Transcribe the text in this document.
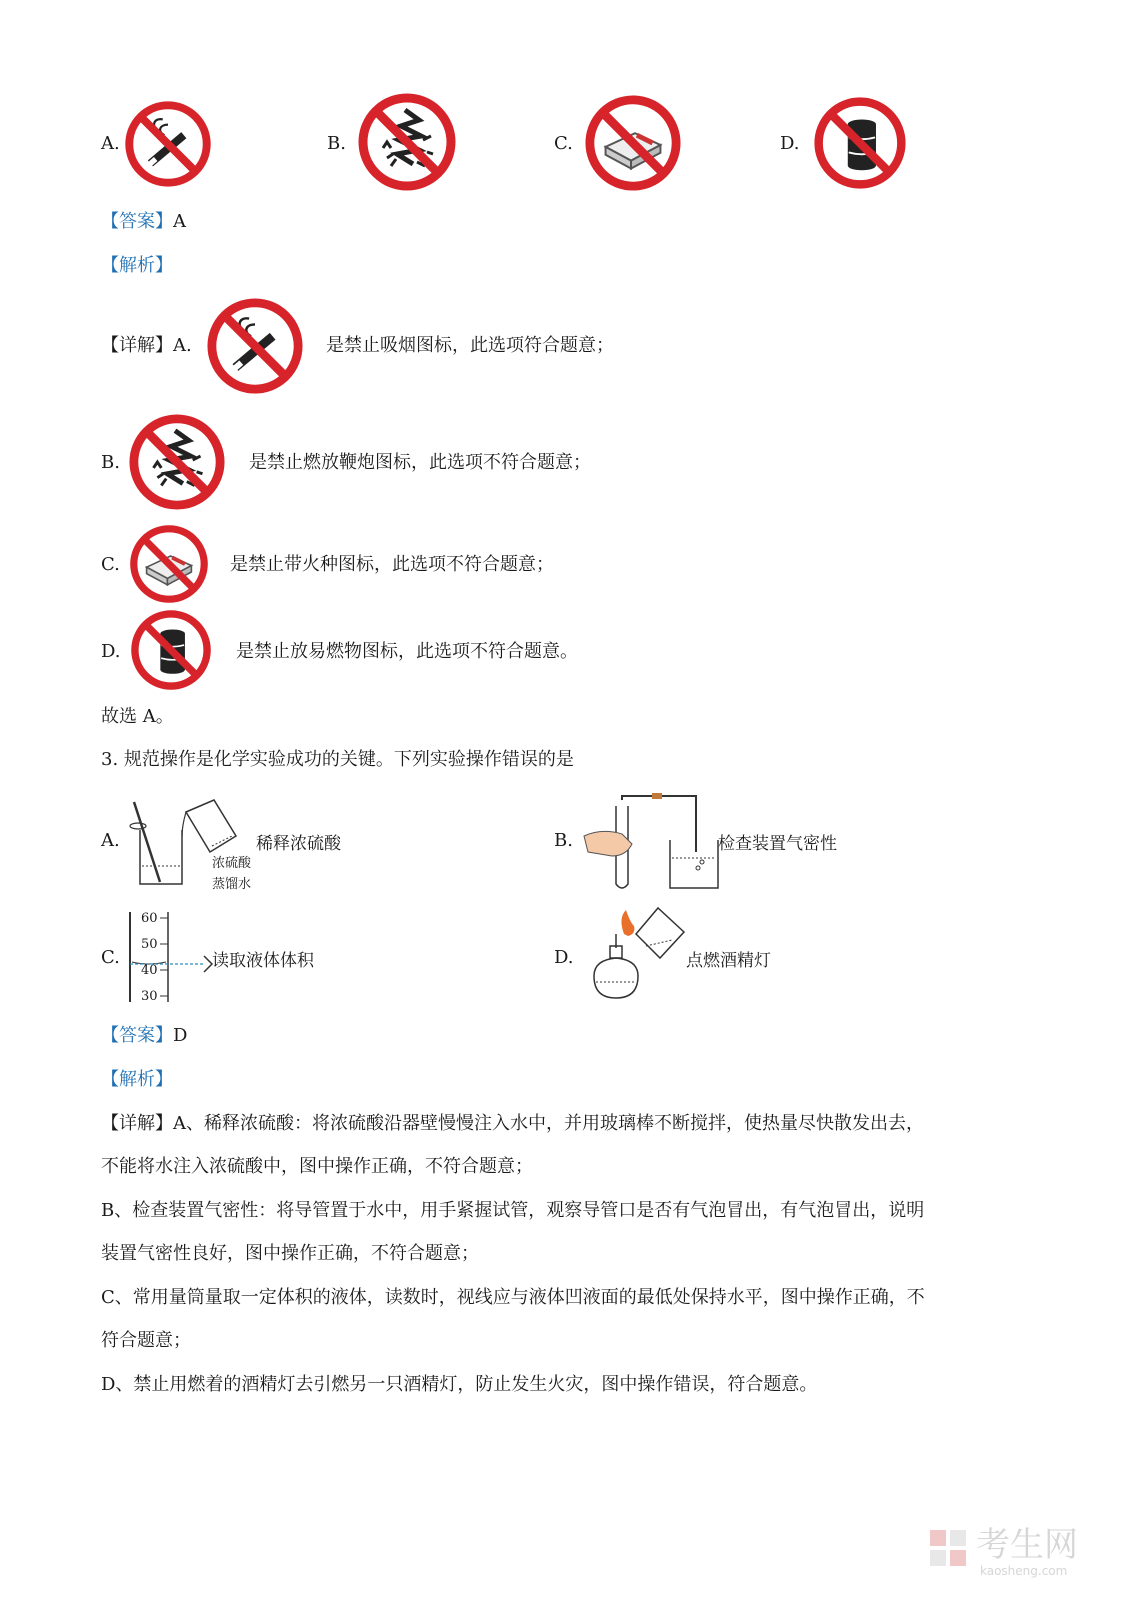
A.	B.	C.	D.
【答案】A
【解析】
【详解】A.	是禁止吸烟图标，此选项符合题意；
B.	是禁止燃放鞭炮图标，此选项不符合题意；
C.	是禁止带火种图标，此选项不符合题意；
D.	是禁止放易燃物图标，此选项不符合题意。
故选 A。
3. 规范操作是化学实验成功的关键。下列实验操作错误的是
A.	稀释浓硫酸
浓硫酸
蒸馏水
B.	检查装置气密性
C.
60
50
40
30
读取液体体积	D.	点燃酒精灯
【答案】D
【解析】
【详解】A、稀释浓硫酸：将浓硫酸沿器壁慢慢注入水中，并用玻璃棒不断搅拌，使热量尽快散发出去，
不能将水注入浓硫酸中，图中操作正确，不符合题意；
B、检查装置气密性：将导管置于水中，用手紧握试管，观察导管口是否有气泡冒出，有气泡冒出，说明
装置气密性良好，图中操作正确，不符合题意；
C、常用量筒量取一定体积的液体，读数时，视线应与液体凹液面的最低处保持水平，图中操作正确，不
符合题意；
D、禁止用燃着的酒精灯去引燃另一只酒精灯，防止发生火灾，图中操作错误，符合题意。
考生网
kaosheng.com
